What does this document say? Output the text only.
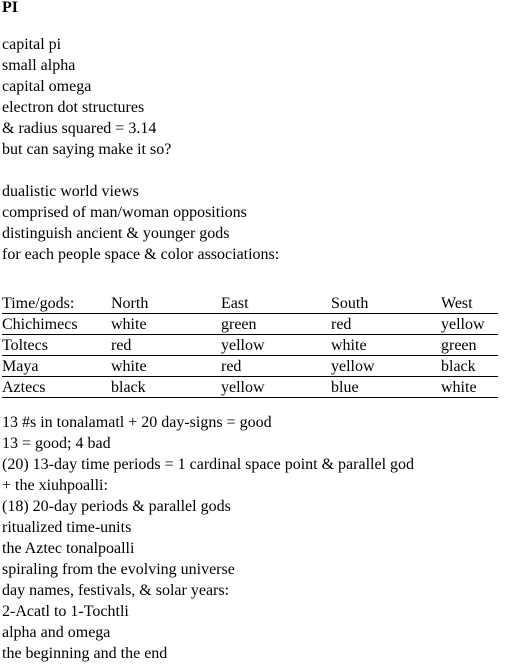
PI
capital pi
small alpha
capital omega
electron dot structures
& radius squared = 3.14
but can saying make it so?
dualistic world views
comprised of man/woman oppositions
distinguish ancient & younger gods
for each people space & color associations:
Time/gods:	North	East	South	West
Chichimecs	white	green	red	yellow
Toltecs	red	yellow	white	green
Maya	white	red	yellow	black
Aztecs	black	yellow	blue	white
13 #s in tonalamatl + 20 day-signs = good
13 = good; 4 bad
(20) 13-day time periods = 1 cardinal space point & parallel god
+ the xiuhpoalli:
(18) 20-day periods & parallel gods
ritualized time-units
the Aztec tonalpoalli
spiraling from the evolving universe
day names, festivals, & solar years:
2-Acatl to 1-Tochtli
alpha and omega
the beginning and the end
